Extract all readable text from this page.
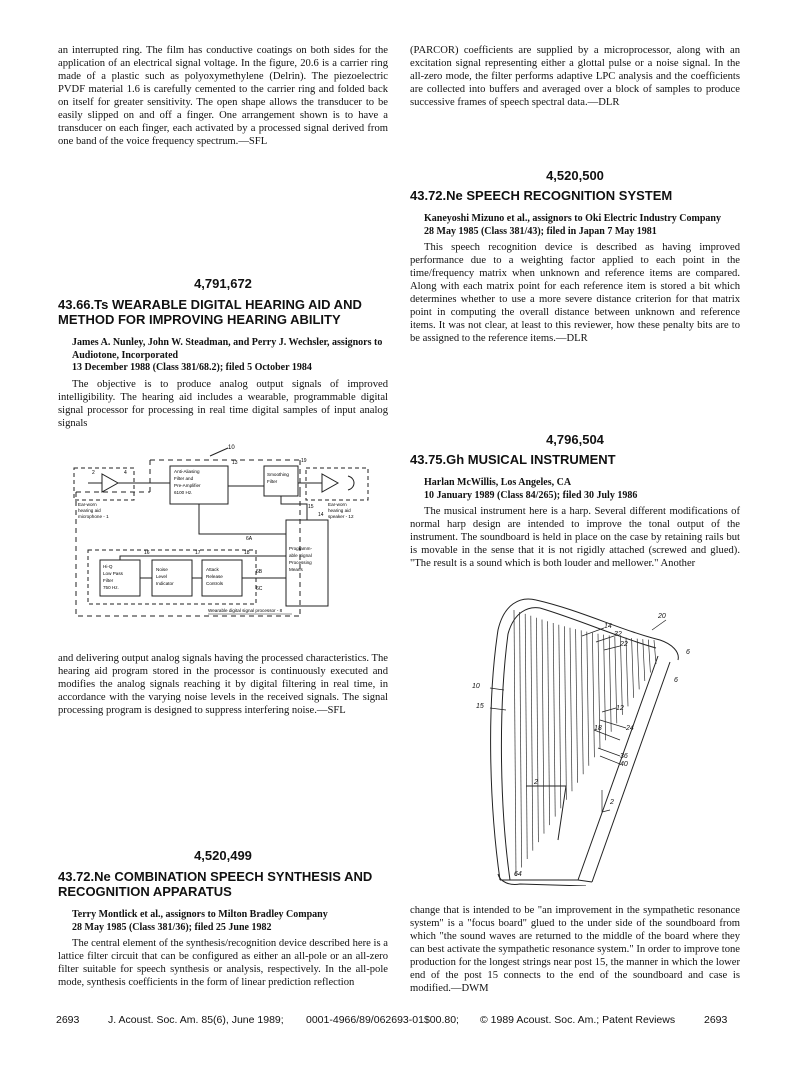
an interrupted ring. The film has conductive coatings on both sides for the application of an electrical signal voltage. In the figure, 20.6 is a carrier ring made of a plastic such as polyoxymethylene (Delrin). The piezoelectric PVDF material 1.6 is carefully cemented to the carrier ring and folded back on itself for greater sensitivity. The open shape allows the transducer to be easily slipped on and off a finger. One arrangement shown is to have a transducer on each finger, each activated by a processed signal derived from one band of the voice frequency spectrum.—SFL

4,791,672

43.66.Ts WEARABLE DIGITAL HEARING AID AND METHOD FOR IMPROVING HEARING ABILITY

James A. Nunley, John W. Steadman, and Perry J. Wechsler, assignors to Audiotone, Incorporated

13 December 1988 (Class 381/68.2); filed 5 October 1984

The objective is to produce analog output signals of improved intelligibility. The hearing aid includes a wearable, programmable digital signal processor for processing in real time digital samples of input analog signals

10
13	19
15
14
16	17	18
6A
6B
6C
2	4	Anti-Aliasing
Filter and
Pre-Amplifier
6100 Hz.
Smoothing
Filter
Programm-
able Signal
Processing
Means
Hi-Q
Low Pass
Filter
750 Hz.
Noise
Level
Indicator
Attack
Release
Controls
Ear-worn
hearing aid
microphone - 1
Ear-worn
hearing aid
speaker - 12
Wearable digital signal processor - 8

and delivering output analog signals having the processed characteristics. The hearing aid program stored in the processor is continuously executed and modifies the analog signals reaching it by digital filtering in real time, in accordance with the varying noise levels in the received signals. The signal processing program is designed to suppress interfering noise.—SFL

4,520,499

43.72.Ne COMBINATION SPEECH SYNTHESIS AND RECOGNITION APPARATUS

Terry Montlick et al., assignors to Milton Bradley Company

28 May 1985 (Class 381/36); filed 25 June 1982

The central element of the synthesis/recognition device described here is a lattice filter circuit that can be configured as either an all-pole or an all-zero filter suitable for speech synthesis or analysis, respectively. In the all-pole mode, synthesis coefficients in the form of linear prediction reflection

(PARCOR) coefficients are supplied by a microprocessor, along with an excitation signal representing either a glottal pulse or a noise signal. In the all-zero mode, the filter performs adaptive LPC analysis and the coefficients are collected into buffers and averaged over a block of samples to produce successive frames of speech spectral data.—DLR

4,520,500

43.72.Ne SPEECH RECOGNITION SYSTEM

Kaneyoshi Mizuno et al., assignors to Oki Electric Industry Company

28 May 1985 (Class 381/43); filed in Japan 7 May 1981

This speech recognition device is described as having improved performance due to a weighting factor applied to each point in the time/frequency matrix when unknown and reference items are compared. Along with each matrix point for each reference item is stored a bit which determines whether to use a more severe distance criterion for that matrix point in computing the overall distance between unknown and reference items. It was not clear, at least to this reviewer, how these penalty bits are to be assigned to the reference items.—DLR

4,796,504

43.75.Gh MUSICAL INSTRUMENT

Harlan McWillis, Los Angeles, CA

10 January 1989 (Class 84/265); filed 30 July 1986

The musical instrument here is a harp. Several different modifications of normal harp design are intended to improve the tonal output of the instrument. The soundboard is held in place on the case by retaining rails but is movable in the sense that it is not rigidly attached (screwed and glued). "The result is a sound which is both louder and mellower." Another

14
32
22
20
6
6
10
15	12
24
18
36
40
2
2
64

change that is intended to be "an improvement in the sympathetic resonance system" is a "focus board" glued to the under side of the soundboard from which "the sound waves are returned to the middle of the board where they can best activate the sympathetic resonance system." In order to improve tone production for the longest strings near post 15, the manner in which the lower end of the post 15 connects to the end of the soundboard and case is modified.—DWM

2693	J. Acoust. Soc. Am. 85(6), June 1989; 0001-4966/89/062693-01$00.80; © 1989 Acoust. Soc. Am.; Patent Reviews	2693
